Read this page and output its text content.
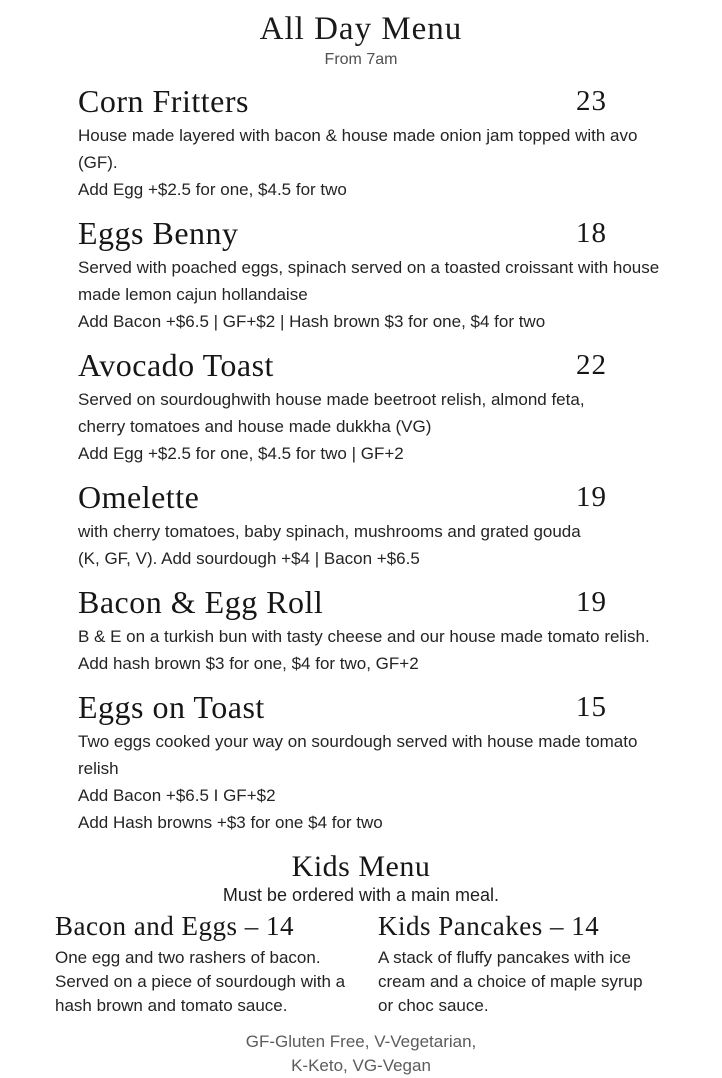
All Day Menu
From 7am
Corn Fritters	23
House made layered with bacon & house made onion jam topped with avo (GF).
Add Egg +$2.5 for one, $4.5 for two
Eggs Benny	18
Served with poached eggs, spinach served on a toasted croissant with house
made lemon cajun hollandaise
Add Bacon +$6.5 | GF+$2 | Hash brown $3 for one, $4 for two
Avocado Toast	22
Served on sourdoughwith house made beetroot relish, almond feta,
cherry tomatoes and house made dukkha (VG)
Add Egg +$2.5 for one, $4.5 for two | GF+2
Omelette	19
with cherry tomatoes, baby spinach, mushrooms and grated gouda
(K, GF, V). Add sourdough +$4 | Bacon +$6.5
Bacon & Egg Roll	19
B & E on a turkish bun with tasty cheese and our house made tomato relish.
Add hash brown $3 for one, $4 for two, GF+2
Eggs on Toast	15
Two eggs cooked your way on sourdough served with house made tomato relish
Add Bacon +$6.5 I GF+$2
Add Hash browns +$3 for one $4 for two
Kids Menu
Must be ordered with a main meal.
Bacon and Eggs – 14
One egg and two rashers of bacon.
Served on a piece of sourdough with a
hash brown and tomato sauce.
Kids Pancakes – 14
A stack of fluffy pancakes with ice
cream and a choice of maple syrup
or choc sauce.
GF-Gluten Free, V-Vegetarian,
K-Keto, VG-Vegan
